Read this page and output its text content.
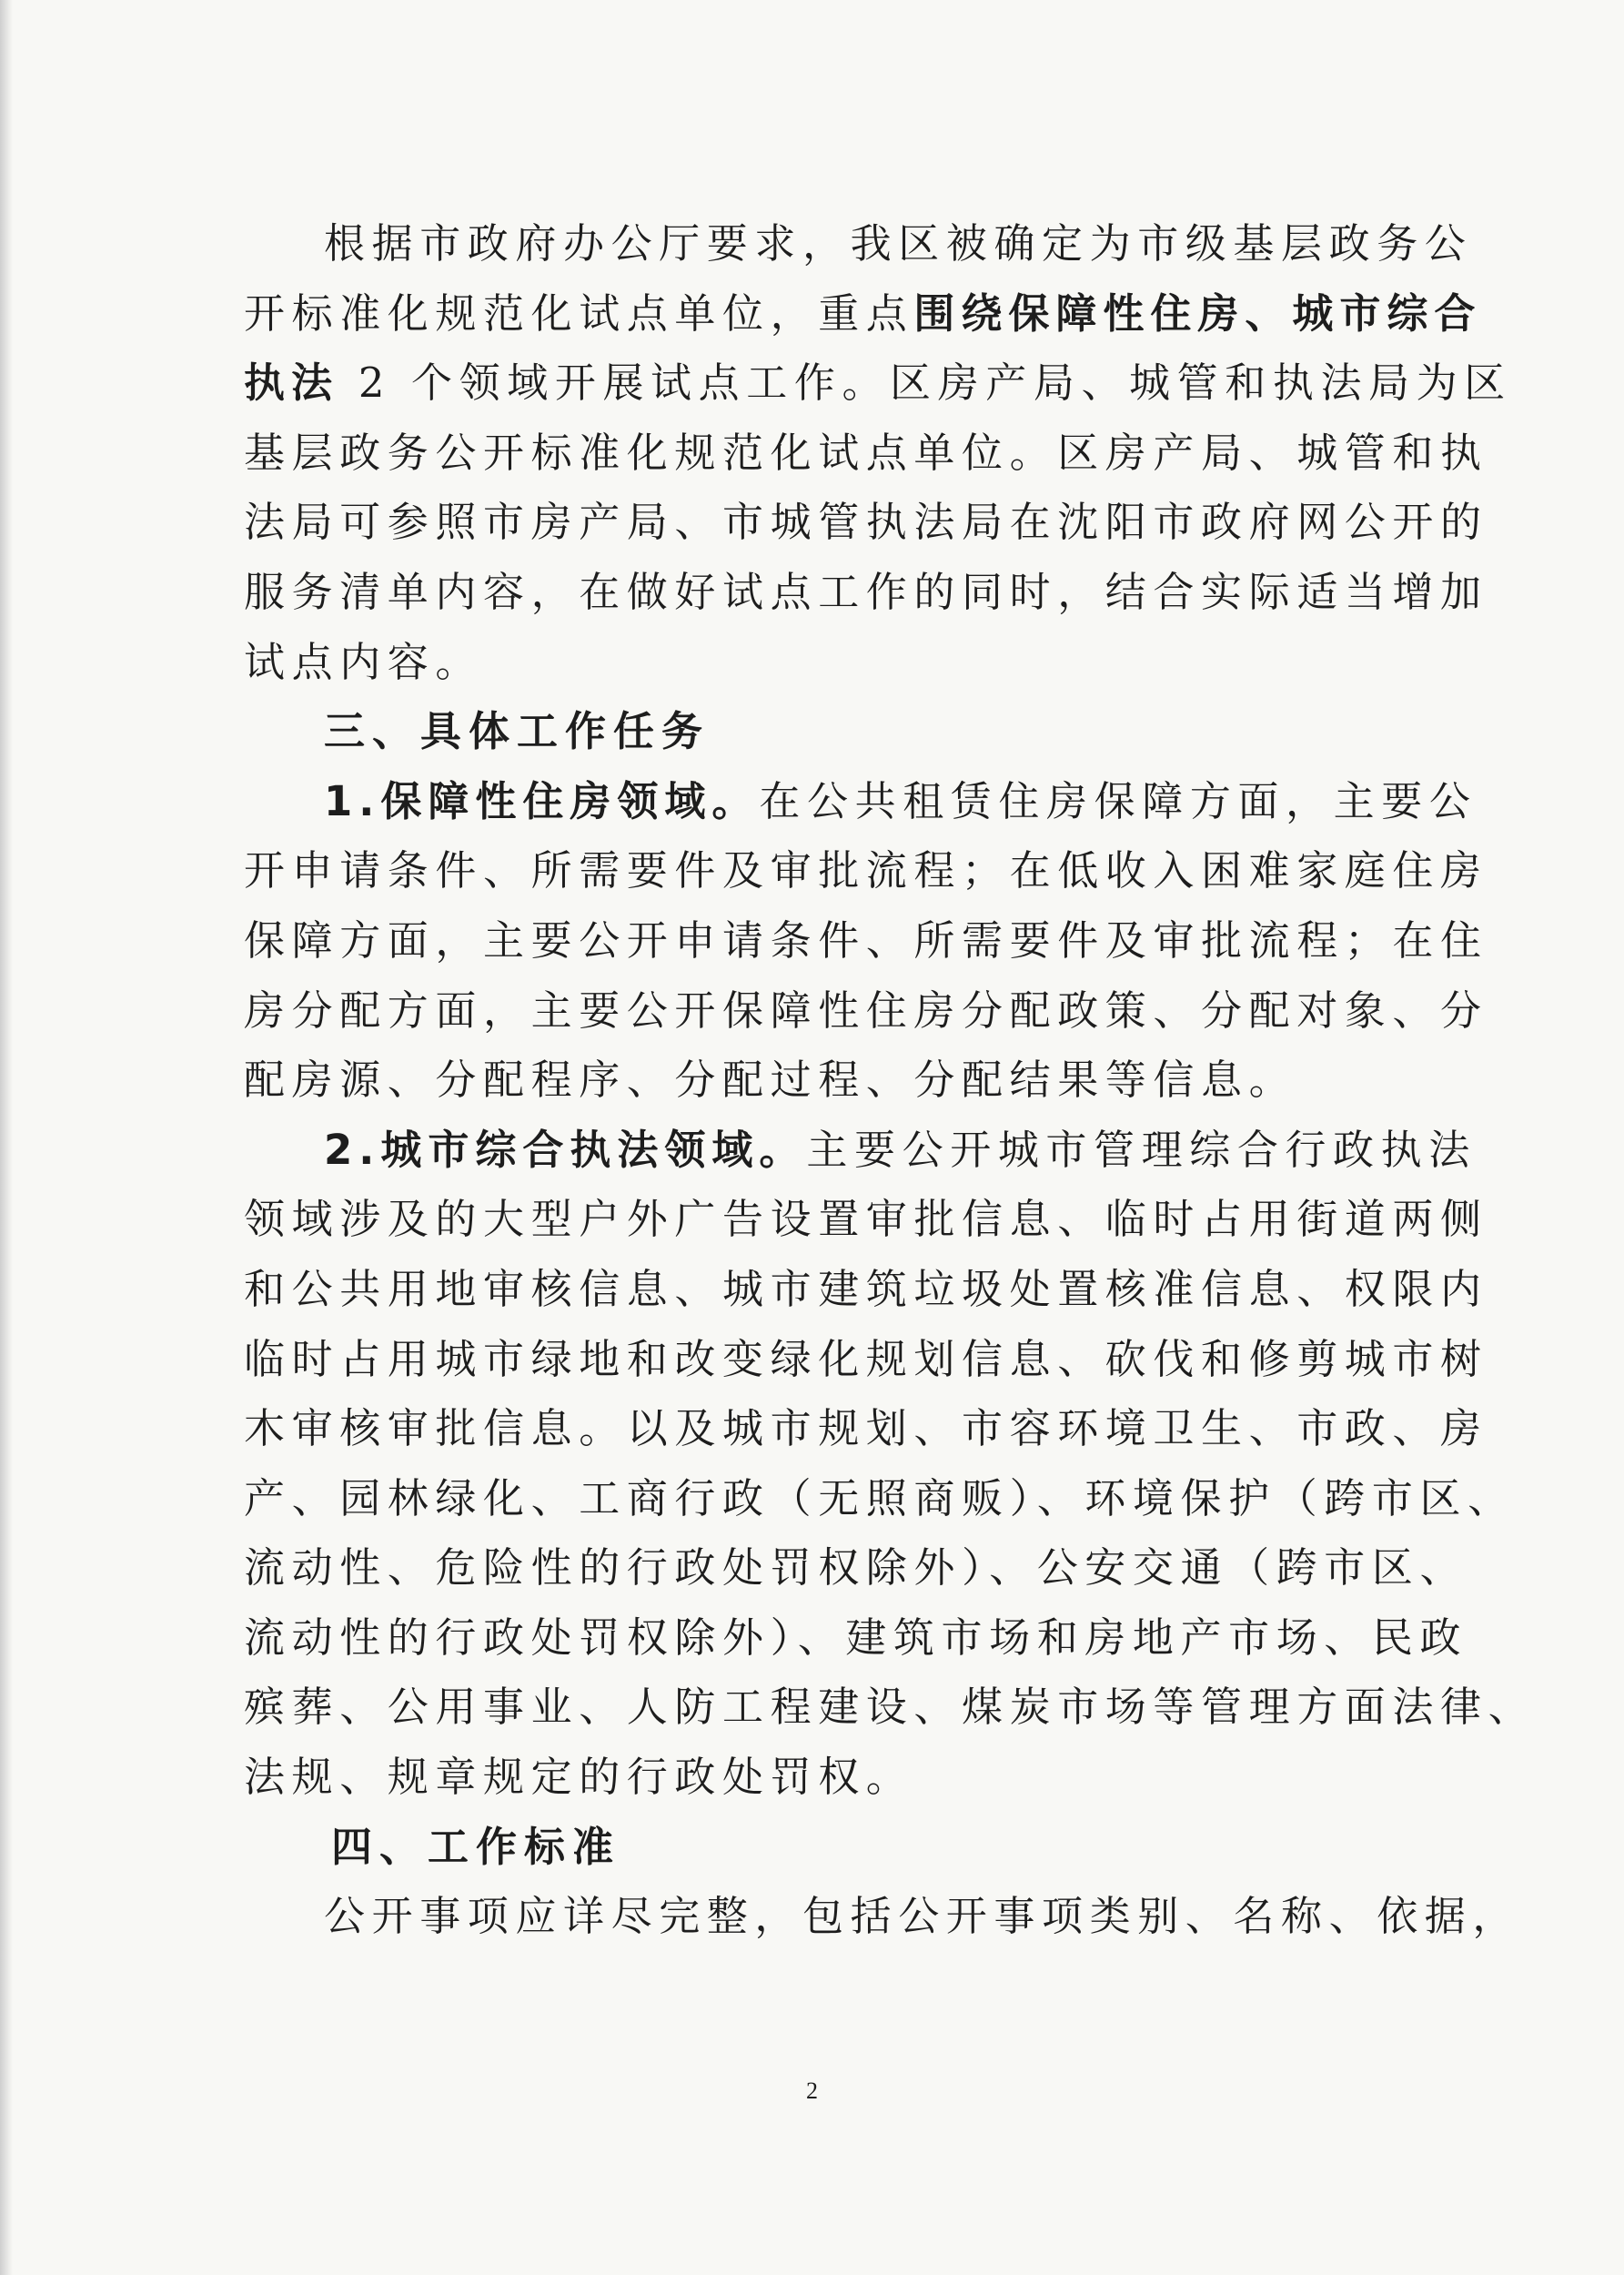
根据市政府办公厅要求，我区被确定为市级基层政务公
开标准化规范化试点单位，重点围绕保障性住房、城市综合
执法 2 个领域开展试点工作。区房产局、城管和执法局为区
基层政务公开标准化规范化试点单位。区房产局、城管和执
法局可参照市房产局、市城管执法局在沈阳市政府网公开的
服务清单内容，在做好试点工作的同时，结合实际适当增加
试点内容。
三、具体工作任务
1.保障性住房领域。在公共租赁住房保障方面，主要公
开申请条件、所需要件及审批流程；在低收入困难家庭住房
保障方面，主要公开申请条件、所需要件及审批流程；在住
房分配方面，主要公开保障性住房分配政策、分配对象、分
配房源、分配程序、分配过程、分配结果等信息。
2.城市综合执法领域。主要公开城市管理综合行政执法
领域涉及的大型户外广告设置审批信息、临时占用街道两侧
和公共用地审核信息、城市建筑垃圾处置核准信息、权限内
临时占用城市绿地和改变绿化规划信息、砍伐和修剪城市树
木审核审批信息。以及城市规划、市容环境卫生、市政、房
产、园林绿化、工商行政（无照商贩）、环境保护（跨市区、
流动性、危险性的行政处罚权除外）、公安交通（跨市区、
流动性的行政处罚权除外）、建筑市场和房地产市场、民政
殡葬、公用事业、人防工程建设、煤炭市场等管理方面法律、
法规、规章规定的行政处罚权。
四、工作标准
公开事项应详尽完整，包括公开事项类别、名称、依据，
2
